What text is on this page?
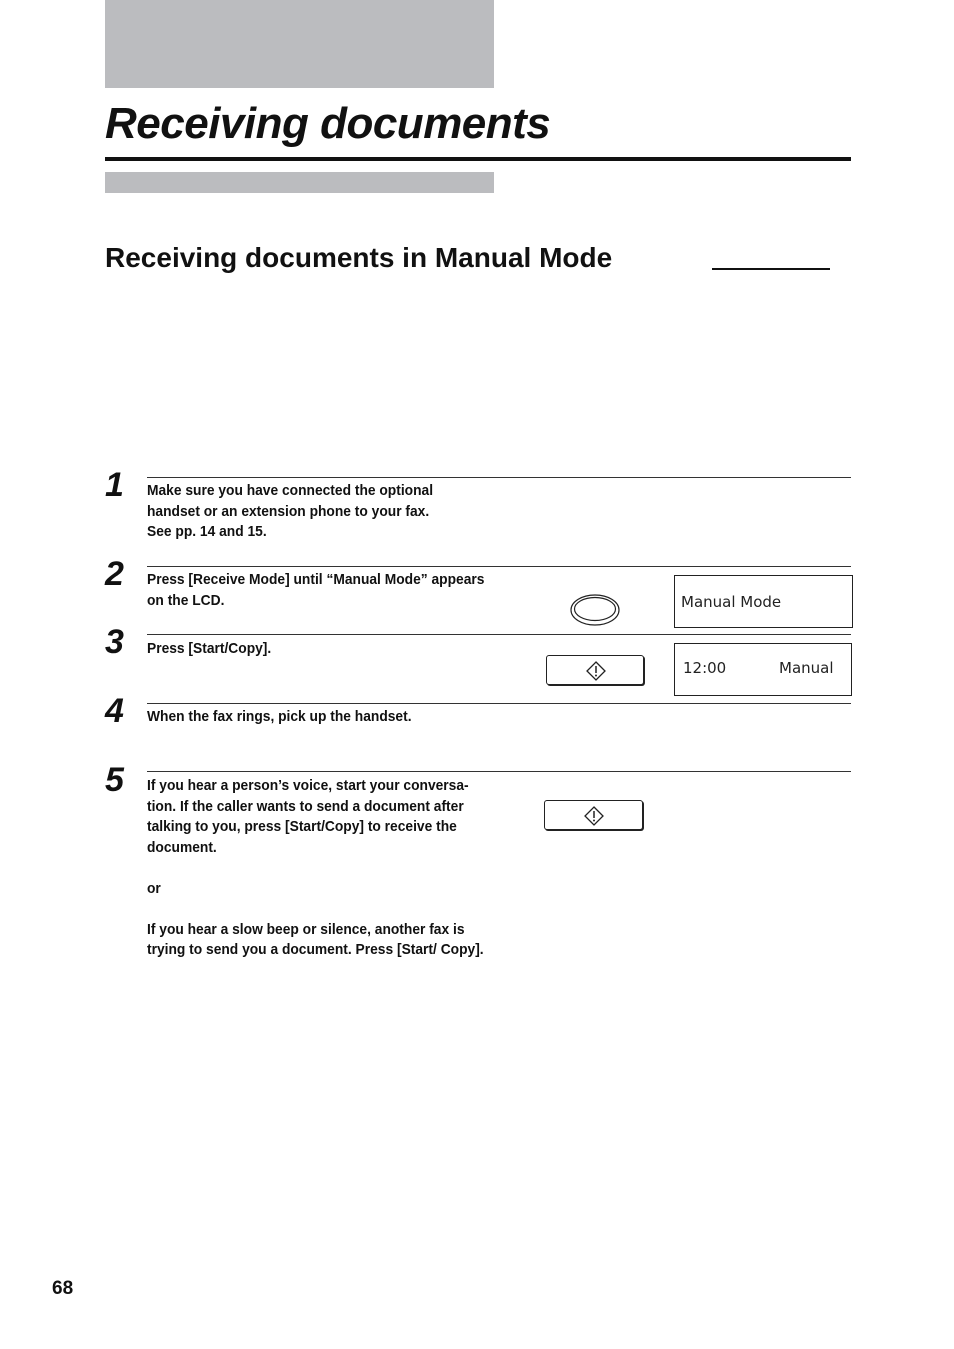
Receiving documents
Receiving documents in Manual Mode
1	Make sure you have connected the optional handset or an extension phone to your fax.

See pp. 14 and 15.

2	Press [Receive Mode] until “Manual Mode” appears on the LCD.	Manual Mode
3	Press [Start/Copy].

12:00	Manual
4	When the fax rings, pick up the handset.

5	If you hear a person’s voice, start your conversa-tion. If the caller wants to send a document after talking to you, press [Start/Copy] to receive the document.

or

If you hear a slow beep or silence, another fax is trying to send you a document. Press [Start/ Copy].

68
